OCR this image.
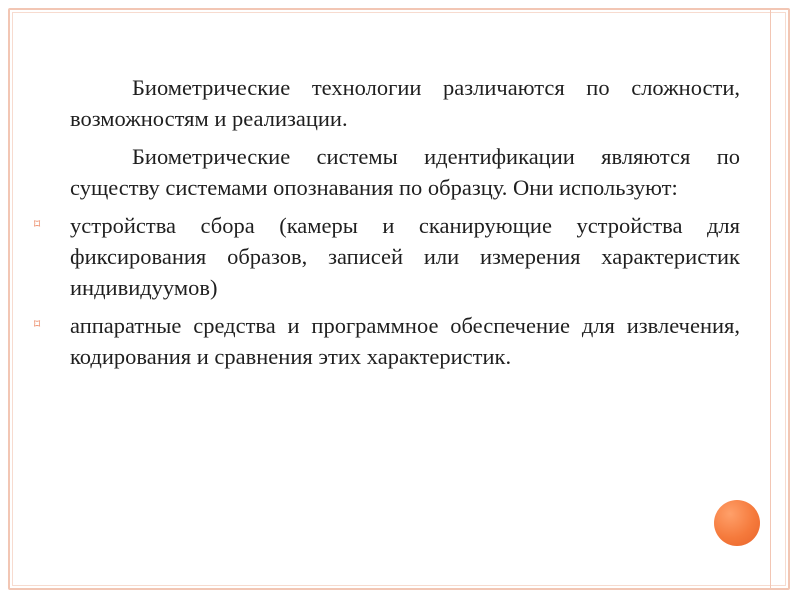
Биометрические технологии различаются по сложности, возможностям и реализации.

Биометрические системы идентификации являются по существу системами опознавания по образцу. Они используют:

⌑ устройства сбора (камеры и сканирующие устройства для фиксирования образов, записей или измерения характеристик индивидуумов)
⌑ аппаратные средства и программное обеспечение для извлечения, кодирования и сравнения этих характеристик.
